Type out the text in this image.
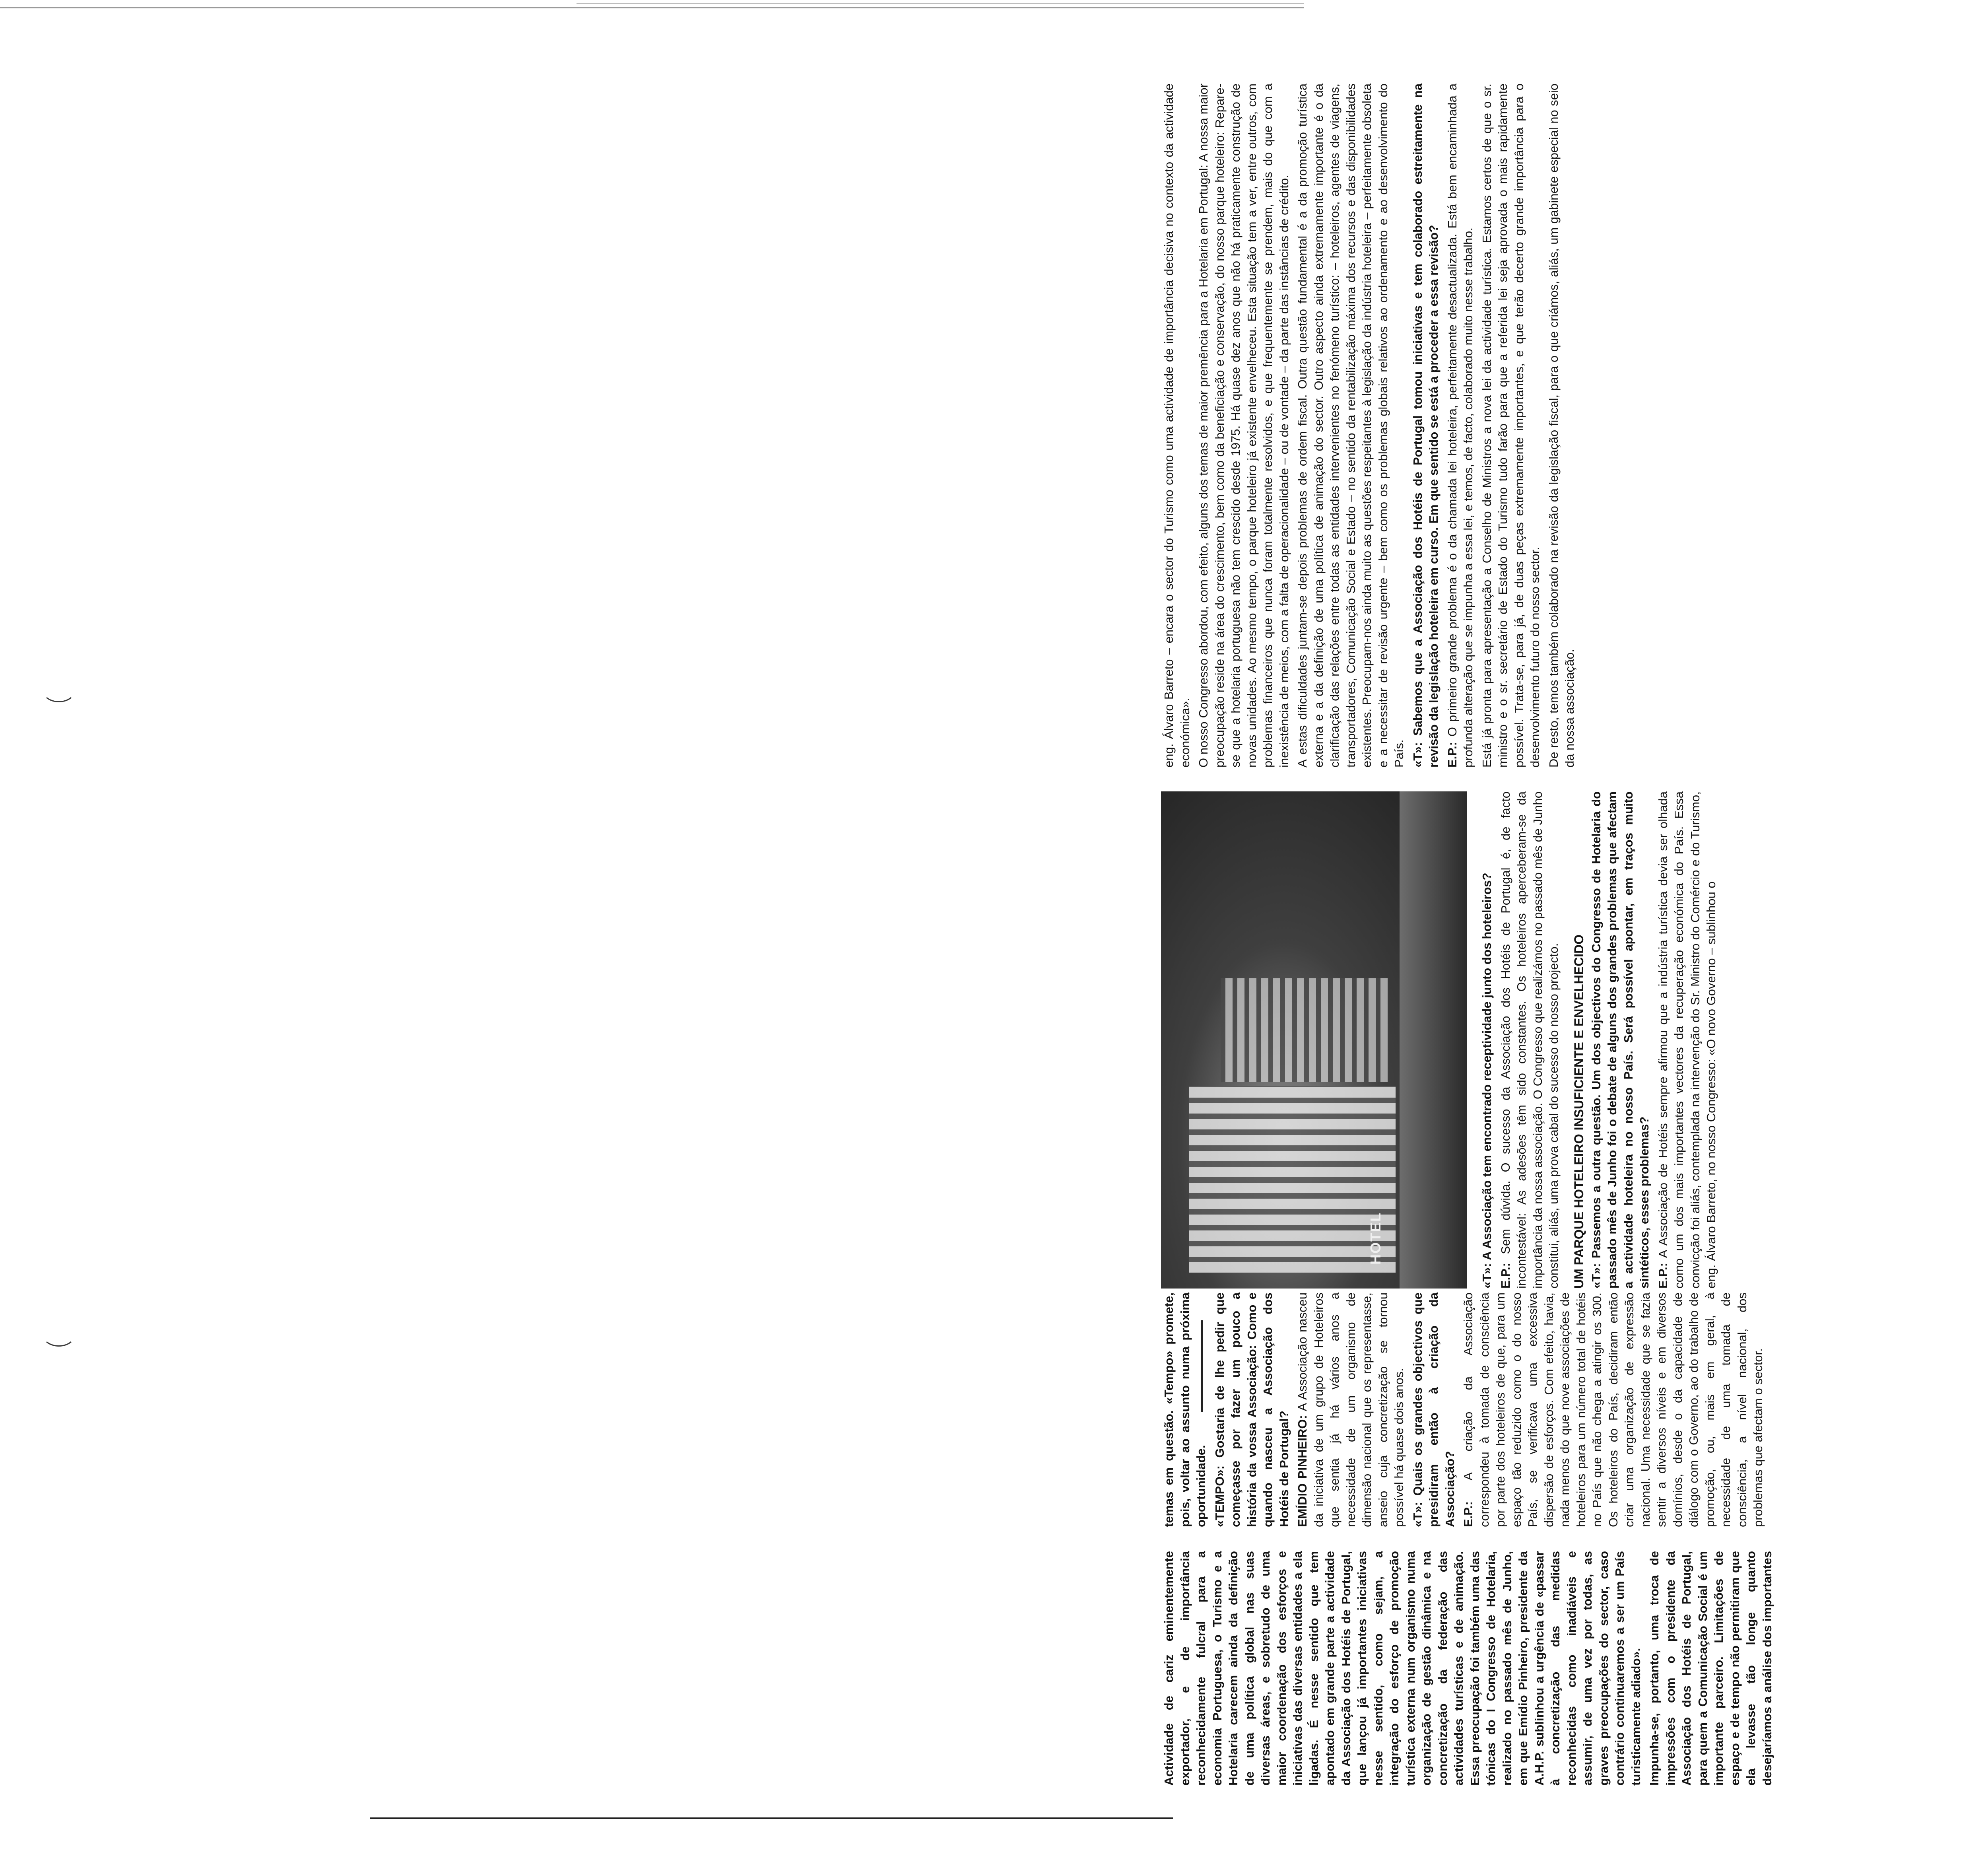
Actividade de cariz eminentemente exportador, e de importância reconhecidamente fulcral para a economia Portuguesa, o Turismo e a Hotelaria carecem ainda da definição de uma política global nas suas diversas áreas, e sobretudo de uma maior coordenação dos esforços e iniciativas das diversas entidades a ela ligadas. É nesse sentido que tem apontado em grande parte a actividade da Associação dos Hotéis de Portugal, que lançou já importantes iniciativas nesse sentido, como sejam, a integração do esforço de promoção turística externa num organismo numa organização de gestão dinâmica e na concretização da federação das actividades turísticas e de animação. Essa preocupação foi também uma das tónicas do I Congresso de Hotelaria, realizado no passado mês de Junho, em que Emídio Pinheiro, presidente da A.H.P. sublinhou a urgência de «passar à concretização das medidas reconhecidas como inadiáveis e assumir, de uma vez por todas, as graves preocupações do sector, caso contrário continuaremos a ser um País turisticamente adiado». Impunha-se, portanto, uma troca de impressões com o presidente da Associação dos Hotéis de Portugal, para quem a Comunicação Social é um importante parceiro. Limitações de espaço e de tempo não permitiram que ela levasse tão longe quanto desejaríamos a análise dos importantes temas em questão. «Tempo» promete, pois, voltar ao assunto numa próxima oportunidade. «TEMPO»: Gostaria de lhe pedir que começasse por fazer um pouco a história da vossa Associação: Como e quando nasceu a Associação dos Hotéis de Portugal? EMÍDIO PINHEIRO: A Associação nasceu da iniciativa de um grupo de Hoteleiros que sentia já há vários anos a necessidade de um organismo de dimensão nacional que os representasse, anseio cuja concretização se tornou possível há quase dois anos. «T»: Quais os grandes objectivos que presidiram então à criação da Associação? E.P.: A criação da Associação correspondeu à tomada de consciência por parte dos hoteleiros de que, para um espaço tão reduzido como o do nosso País, se verificava uma excessiva dispersão de esforços. Com efeito, havia, nada menos do que nove associações de hoteleiros para um número total de hotéis no País que não chega a atingir os 300. Os hoteleiros do País, decidiram então criar uma organização de expressão nacional. Uma necessidade que se fazia sentir a diversos níveis e em diversos domínios, desde o da capacidade de diálogo com o Governo, ao do trabalho de promoção, ou, mais em geral, à necessidade de uma tomada de consciência, a nível nacional, dos problemas que afectam o sector.

HOTEL	«T»: A Associação tem encontrado receptividade junto dos hoteleiros? E.P.: Sem dúvida. O sucesso da Associação dos Hotéis de Portugal é, de facto incontestável: As adesões têm sido constantes. Os hoteleiros aperceberam-se da importância da nossa associação. O Congresso que realizámos no passado mês de Junho constitui, aliás, uma prova cabal do sucesso do nosso projecto. UM PARQUE HOTELEIRO INSUFICIENTE E ENVELHECIDO «T»: Passemos a outra questão. Um dos objectivos do Congresso de Hotelaria do passado mês de Junho foi o debate de alguns dos grandes problemas que afectam a actividade hoteleira no nosso País. Será possível apontar, em traços muito sintéticos, esses problemas? E.P.: A Associação de Hotéis sempre afirmou que a indústria turística devia ser olhada como um dos mais importantes vectores da recuperação económica do País. Essa convicção foi aliás, contemplada na intervenção do Sr. Ministro do Comércio e do Turismo, eng. Álvaro Barreto, no nosso Congresso: «O novo Governo – sublinhou o

eng. Álvaro Barreto – encara o sector do Turismo como uma actividade de importância decisiva no contexto da actividade económica». O nosso Congresso abordou, com efeito, alguns dos temas de maior premência para a Hotelaria em Portugal: A nossa maior preocupação reside na área do crescimento, bem como da beneficiação e conservação, do nosso parque hoteleiro: Repare-se que a hotelaria portuguesa não tem crescido desde 1975. Há quase dez anos que não há praticamente construção de novas unidades. Ao mesmo tempo, o parque hoteleiro já existente envelheceu. Esta situação tem a ver, entre outros, com problemas financeiros que nunca foram totalmente resolvidos, e que frequentemente se prendem, mais do que com a inexistência de meios, com a falta de operacionalidade – ou de vontade – da parte das instâncias de crédito. A estas dificuldades juntam-se depois problemas de ordem fiscal. Outra questão fundamental é a da promoção turística externa e a da definição de uma política de animação do sector. Outro aspecto ainda extremamente importante é o da clarificação das relações entre todas as entidades intervenientes no fenómeno turístico: – hoteleiros, agentes de viagens, transportadores, Comunicação Social e Estado – no sentido da rentabilização máxima dos recursos e das disponibilidades existentes. Preocupam-nos ainda muito as questões respeitantes à legislação da indústria hoteleira – perfeitamente obsoleta e a necessitar de revisão urgente – bem como os problemas globais relativos ao ordenamento e ao desenvolvimento do País. «T»: Sabemos que a Associação dos Hotéis de Portugal tomou iniciativas e tem colaborado estreitamente na revisão da legislação hoteleira em curso. Em que sentido se está a proceder a essa revisão? E.P.: O primeiro grande problema é o da chamada lei hoteleira, perfeitamente desactualizada. Está bem encaminhada a profunda alteração que se impunha a essa lei, e temos, de facto, colaborado muito nesse trabalho. Está já pronta para apresentação a Conselho de Ministros a nova lei da actividade turística. Estamos certos de que o sr. ministro e o sr. secretário de Estado do Turismo tudo farão para que a referida lei seja aprovada o mais rapidamente possível. Trata-se, para já, de duas peças extremamente importantes, e que terão decerto grande importância para o desenvolvimento futuro do nosso sector. De resto, temos também colaborado na revisão da legislação fiscal, para o que criámos, aliás, um gabinete especial no seio da nossa associação.
